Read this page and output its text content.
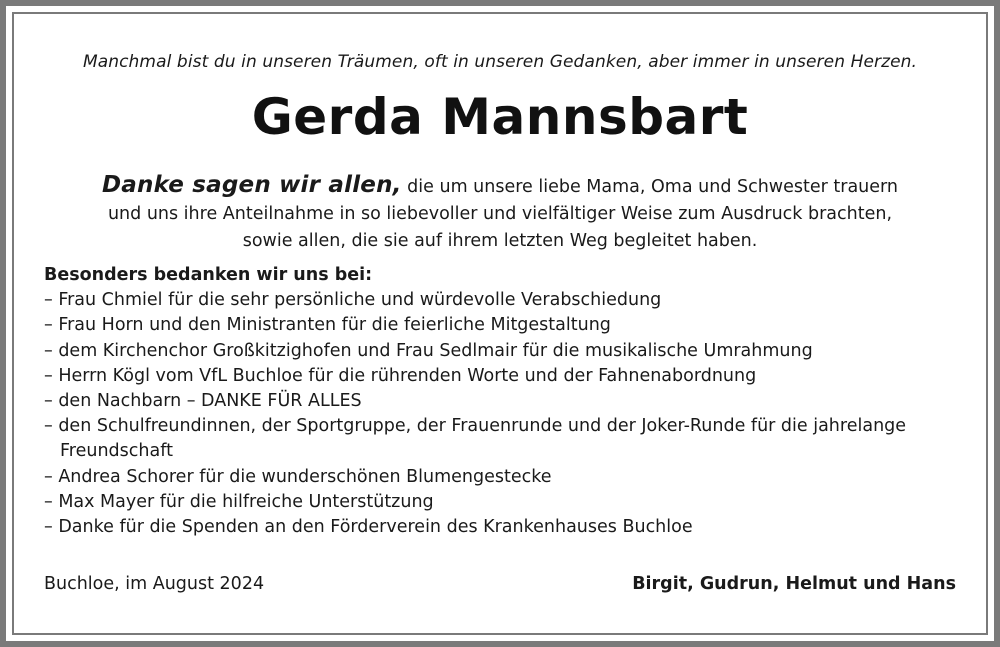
Manchmal bist du in unseren Träumen, oft in unseren Gedanken, aber immer in unseren Herzen.
Gerda Mannsbart
Danke sagen wir allen, die um unsere liebe Mama, Oma und Schwester trauern
und uns ihre Anteilnahme in so liebevoller und vielfältiger Weise zum Ausdruck brachten,
sowie allen, die sie auf ihrem letzten Weg begleitet haben.
Besonders bedanken wir uns bei:
– Frau Chmiel für die sehr persönliche und würdevolle Verabschiedung
– Frau Horn und den Ministranten für die feierliche Mitgestaltung
– dem Kirchenchor Großkitzighofen und Frau Sedlmair für die musikalische Umrahmung
– Herrn Kögl vom VfL Buchloe für die rührenden Worte und der Fahnenabordnung
– den Nachbarn – DANKE FÜR ALLES
– den Schulfreundinnen, der Sportgruppe, der Frauenrunde und der Joker-Runde für die jahrelange Freundschaft
– Andrea Schorer für die wunderschönen Blumengestecke
– Max Mayer für die hilfreiche Unterstützung
– Danke für die Spenden an den Förderverein des Krankenhauses Buchloe
Buchloe, im August 2024	Birgit, Gudrun, Helmut und Hans
